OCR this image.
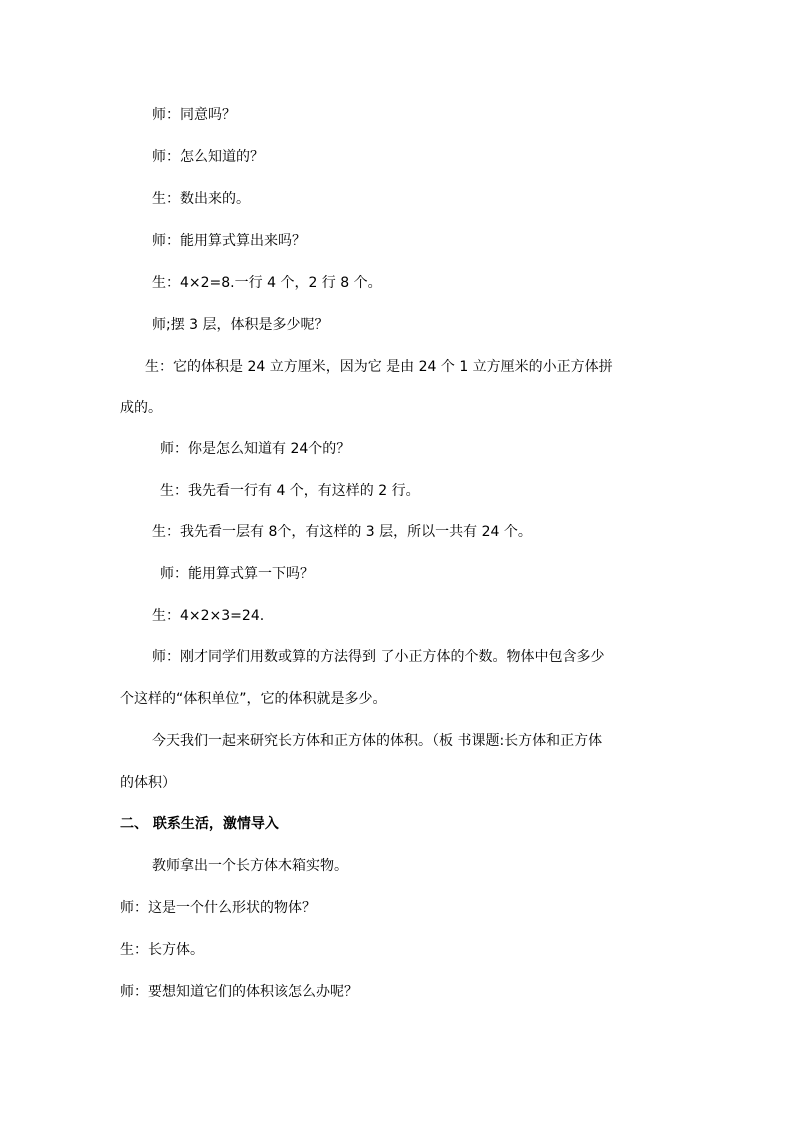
师：同意吗？
师：怎么知道的？
生：数出来的。
师：能用算式算出来吗？
生：4×2=8.一行 4 个，2 行 8 个。
师;摆 3 层，体积是多少呢？
生：它的体积是 24 立方厘米，因为它 是由 24 个 1 立方厘米的小正方体拼
成的。
师：你是怎么知道有 24个的？
生：我先看一行有 4 个，有这样的 2 行。
生：我先看一层有 8个，有这样的 3 层，所以一共有 24 个。
师：能用算式算一下吗？
生：4×2×3=24.
师：刚才同学们用数或算的方法得到 了小正方体的个数。物体中包含多少
个这样的“体积单位”，它的体积就是多少。
今天我们一起来研究长方体和正方体的体积。（板 书课题:长方体和正方体
的体积）
二、 联系生活，激情导入
教师拿出一个长方体木箱实物。
师：这是一个什么形状的物体？
生：长方体。
师：要想知道它们的体积该怎么办呢？
